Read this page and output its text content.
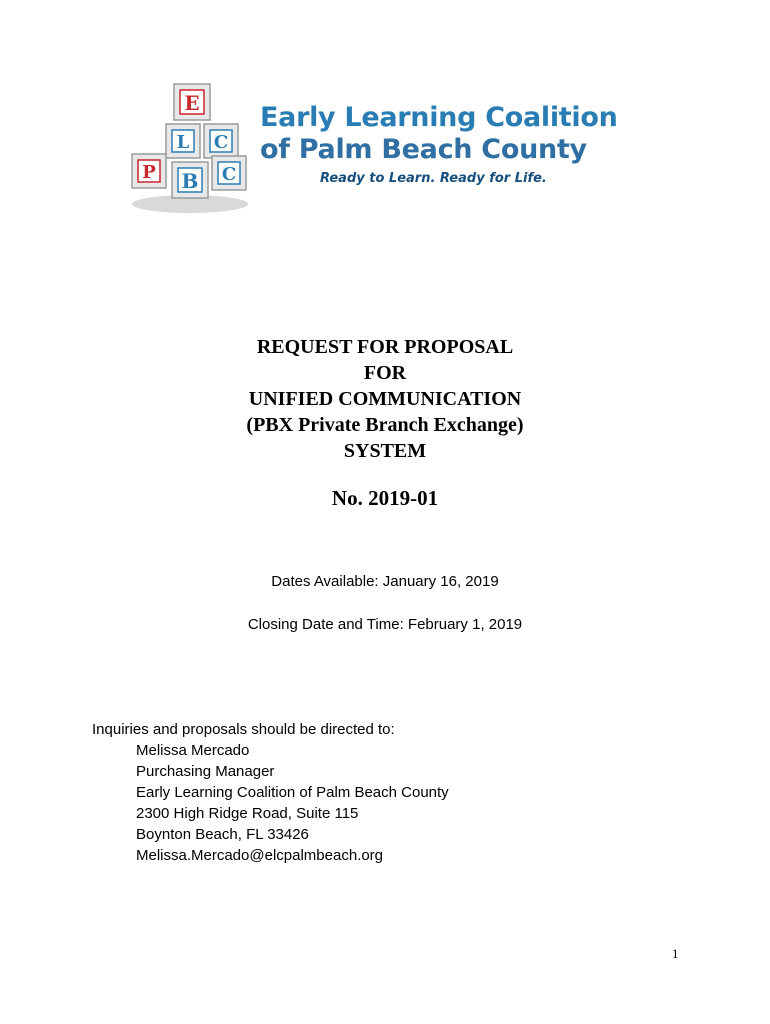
E
L C
P B C
Early Learning Coalition
of Palm Beach County
Ready to Learn. Ready for Life.
REQUEST FOR PROPOSAL
FOR
UNIFIED COMMUNICATION
(PBX Private Branch Exchange)
SYSTEM
No. 2019-01
Dates Available: January 16, 2019
Closing Date and Time: February 1, 2019
Inquiries and proposals should be directed to:
Melissa Mercado
Purchasing Manager
Early Learning Coalition of Palm Beach County
2300 High Ridge Road, Suite 115
Boynton Beach, FL 33426
Melissa.Mercado@elcpalmbeach.org
1
